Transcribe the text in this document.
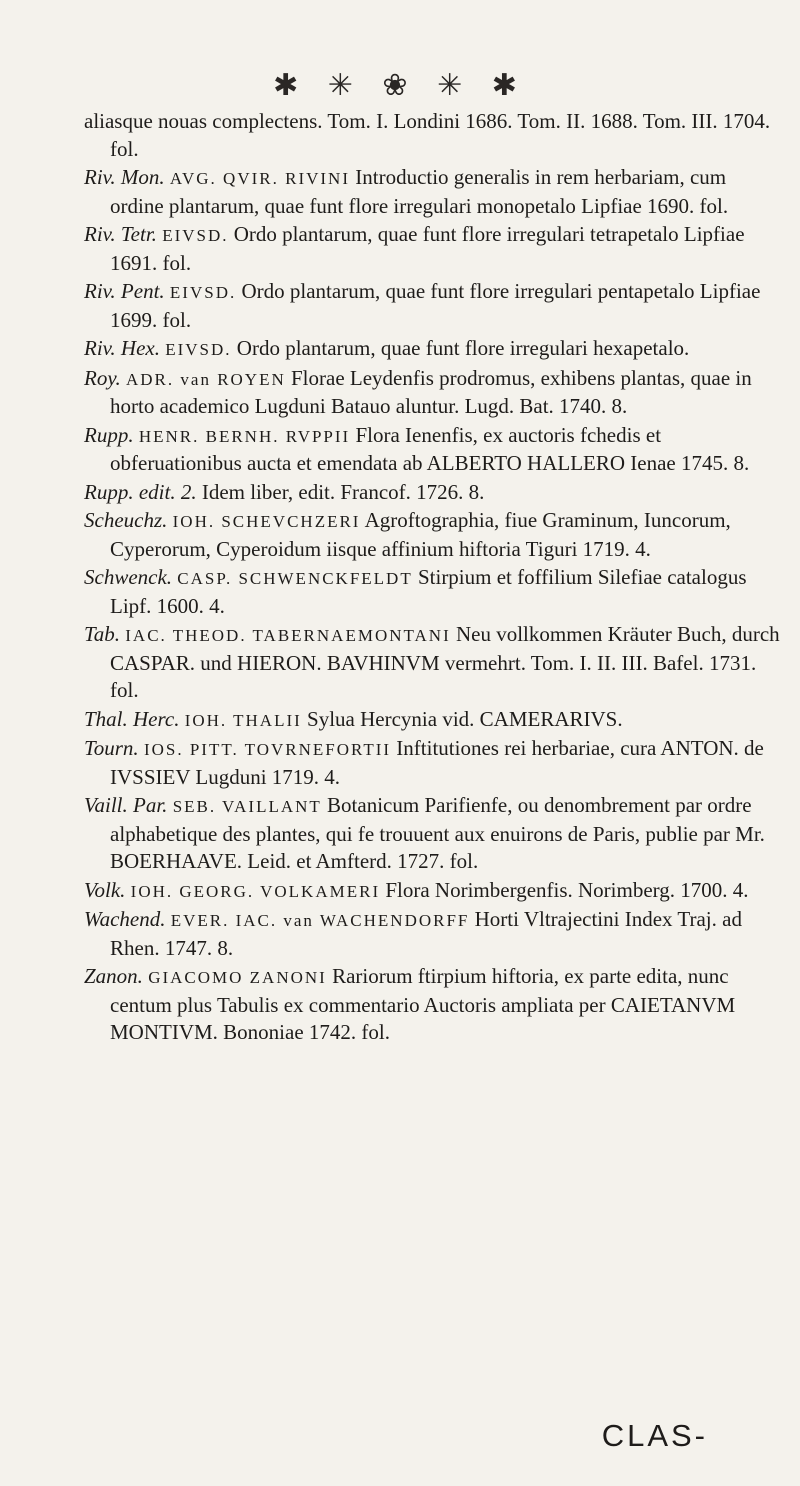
✱ ✳ ❀ ✳ ✱
aliasque nouas complectens. Tom. I. Londini 1686. Tom. II. 1688. Tom. III. 1704. fol.
Riv. Mon. AVG. QVIR. RIVINI Introductio generalis in rem herbariam, cum ordine plantarum, quae funt flore irregulari monopetalo Lipfiae 1690. fol.
Riv. Tetr. EIVSD. Ordo plantarum, quae funt flore irregulari tetrapetalo Lipfiae 1691. fol.
Riv. Pent. EIVSD. Ordo plantarum, quae funt flore irregulari pentapetalo Lipfiae 1699. fol.
Riv. Hex. EIVSD. Ordo plantarum, quae funt flore irregulari hexapetalo.
Roy. ADR. van ROYEN Florae Leydenfis prodromus, exhibens plantas, quae in horto academico Lugduni Batauo aluntur. Lugd. Bat. 1740. 8.
Rupp. HENR. BERNH. RVPPII Flora Ienenfis, ex auctoris fchedis et obferuationibus aucta et emendata ab ALBERTO HALLERO Ienae 1745. 8.
Rupp. edit. 2. Idem liber, edit. Francof. 1726. 8.
Scheuchz. IOH. SCHEVCHZERI Agroftographia, fiue Graminum, Iuncorum, Cyperorum, Cyperoidum iisque affinium hiftoria Tiguri 1719. 4.
Schwenck. CASP. SCHWENCKFELDT Stirpium et foffilium Silefiae catalogus Lipf. 1600. 4.
Tab. IAC. THEOD. TABERNAEMONTANI Neu vollkommen Kräuter Buch, durch CASPAR. und HIERON. BAVHINVM vermehrt. Tom. I. II. III. Bafel. 1731. fol.
Thal. Herc. IOH. THALII Sylua Hercynia vid. CAMERARIVS.
Tourn. IOS. PITT. TOVRNEFORTII Inftitutiones rei herbariae, cura ANTON. de IVSSIEV Lugduni 1719. 4.
Vaill. Par. SEB. VAILLANT Botanicum Parifienfe, ou denombrement par ordre alphabetique des plantes, qui fe trouuent aux enuirons de Paris, publie par Mr. BOERHAAVE. Leid. et Amfterd. 1727. fol.
Volk. IOH. GEORG. VOLKAMERI Flora Norimbergenfis. Norimberg. 1700. 4.
Wachend. EVER. IAC. van WACHENDORFF Horti Vltrajectini Index Traj. ad Rhen. 1747. 8.
Zanon. GIACOMO ZANONI Rariorum ftirpium hiftoria, ex parte edita, nunc centum plus Tabulis ex commentario Auctoris ampliata per CAIETANVM MONTIVM. Bononiae 1742. fol.
CLAS-
